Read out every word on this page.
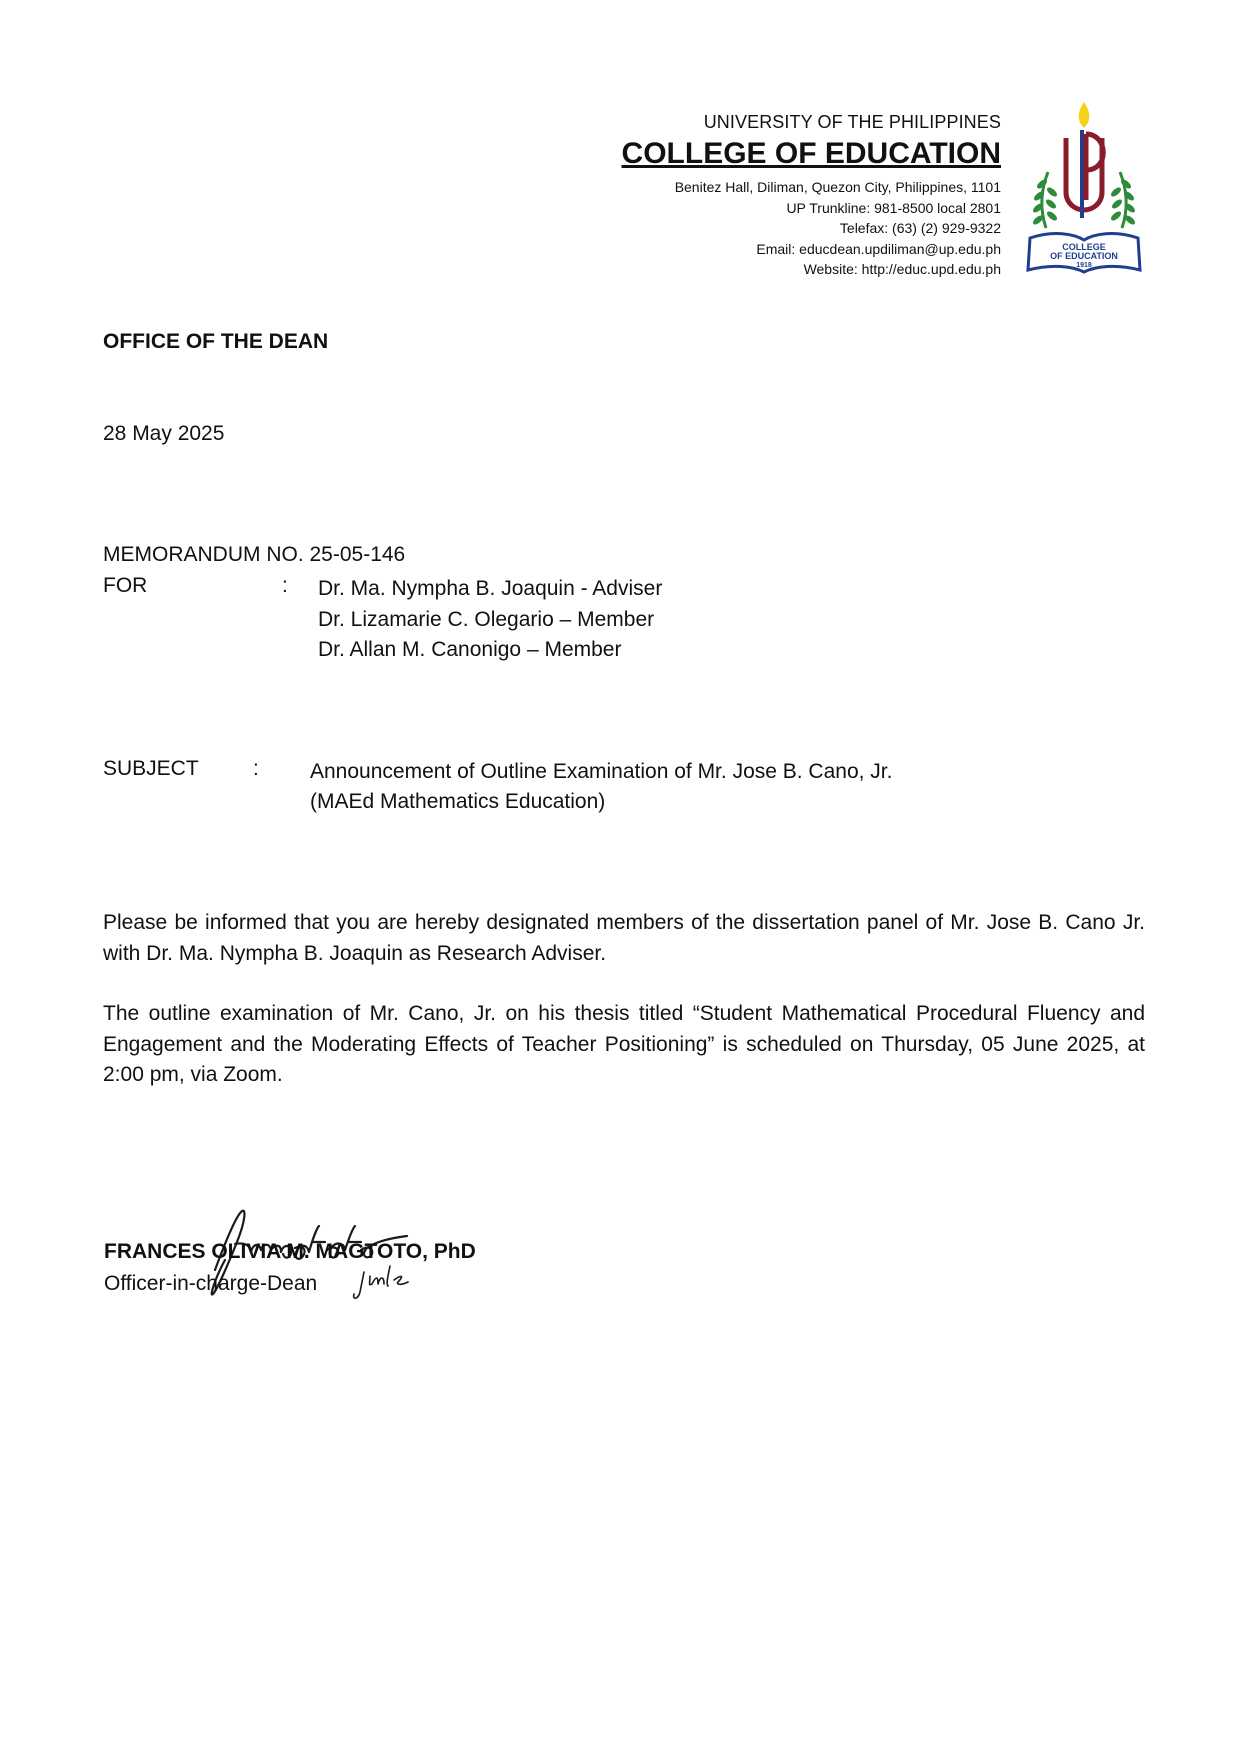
UNIVERSITY OF THE PHILIPPINES
COLLEGE OF EDUCATION
Benitez Hall, Diliman, Quezon City, Philippines, 1101
UP Trunkline: 981-8500 local 2801
Telefax: (63) (2) 929-9322
Email: educdean.updiliman@up.edu.ph
Website: http://educ.upd.edu.ph
COLLEGE
OF EDUCATION
1918
OFFICE OF THE DEAN
28 May 2025
MEMORANDUM NO. 25-05-146
FOR	: Dr. Ma. Nympha B. Joaquin - Adviser
Dr. Lizamarie C. Olegario – Member
Dr. Allan M. Canonigo – Member
SUBJECT	: Announcement of Outline Examination of Mr. Jose B. Cano, Jr.
(MAEd Mathematics Education)
Please be informed that you are hereby designated members of the dissertation panel of Mr. Jose B. Cano Jr. with Dr. Ma. Nympha B. Joaquin as Research Adviser.
The outline examination of Mr. Cano, Jr. on his thesis titled “Student Mathematical Procedural Fluency and Engagement and the Moderating Effects of Teacher Positioning” is scheduled on Thursday, 05 June 2025, at 2:00 pm, via Zoom.
FRANCES OLIVIA M. MAGTOTO, PhD
Officer-in-charge-Dean
